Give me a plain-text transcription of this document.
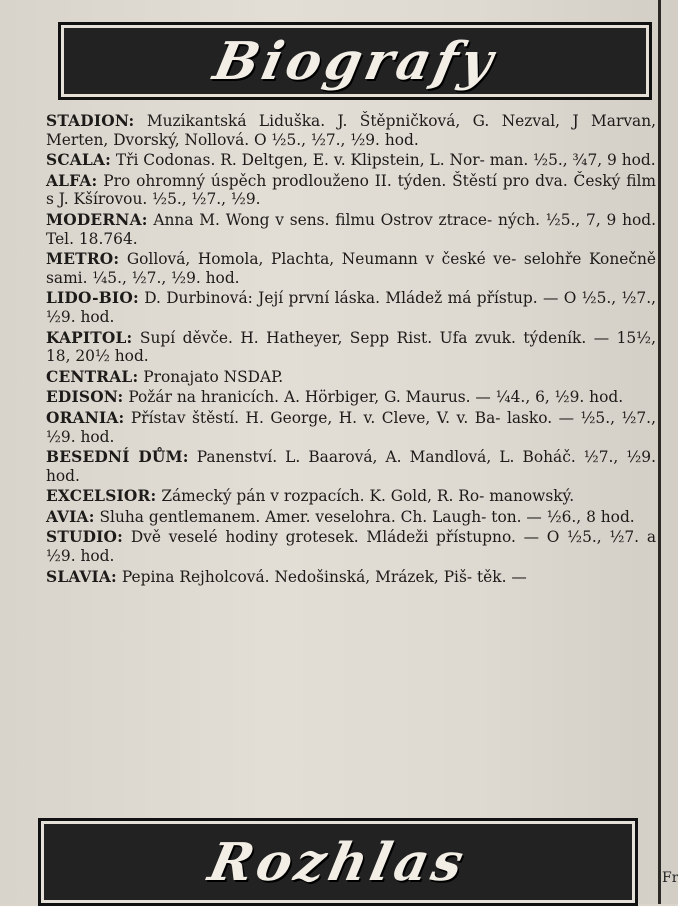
Biografy
STADION: Muzikantská Liduška. J. Štěpničková, G. Nezval, J Marvan, Merten, Dvorský, Nollová. O ½5., ½7., ½9. hod.
SCALA: Tři Codonas. R. Deltgen, E. v. Klipstein, L. Nor- man. ½5., ¾7, 9 hod.
ALFA: Pro ohromný úspěch prodlouženo II. týden. Štěstí pro dva. Český film s J. Kšírovou. ½5., ½7., ½9.
MODERNA: Anna M. Wong v sens. filmu Ostrov ztrace- ných. ½5., 7, 9 hod. Tel. 18.764.
METRO: Gollová, Homola, Plachta, Neumann v české ve- selohře Konečně sami. ¼5., ½7., ½9. hod.
LIDO-BIO: D. Durbinová: Její první láska. Mládež má přístup. — O ½5., ½7., ½9. hod.
KAPITOL: Supí děvče. H. Hatheyer, Sepp Rist. Ufa zvuk. týdeník. — 15½, 18, 20½ hod.
CENTRAL: Pronajato NSDAP.
EDISON: Požár na hranicích. A. Hörbiger, G. Maurus. — ¼4., 6, ½9. hod.
ORANIA: Přístav štěstí. H. George, H. v. Cleve, V. v. Ba- lasko. — ½5., ½7., ½9. hod.
BESEDNÍ DŮM: Panenství. L. Baarová, A. Mandlová, L. Boháč. ½7., ½9. hod.
EXCELSIOR: Zámecký pán v rozpacích. K. Gold, R. Ro- manowský.
AVIA: Sluha gentlemanem. Amer. veselohra. Ch. Laugh- ton. — ½6., 8 hod.
STUDIO: Dvě veselé hodiny grotesek. Mládeži přístupno. — O ½5., ½7. a ½9. hod.
SLAVIA: Pepina Rejholcová. Nedošinská, Mrázek, Piš- těk. —
Rozhlas	Fr
